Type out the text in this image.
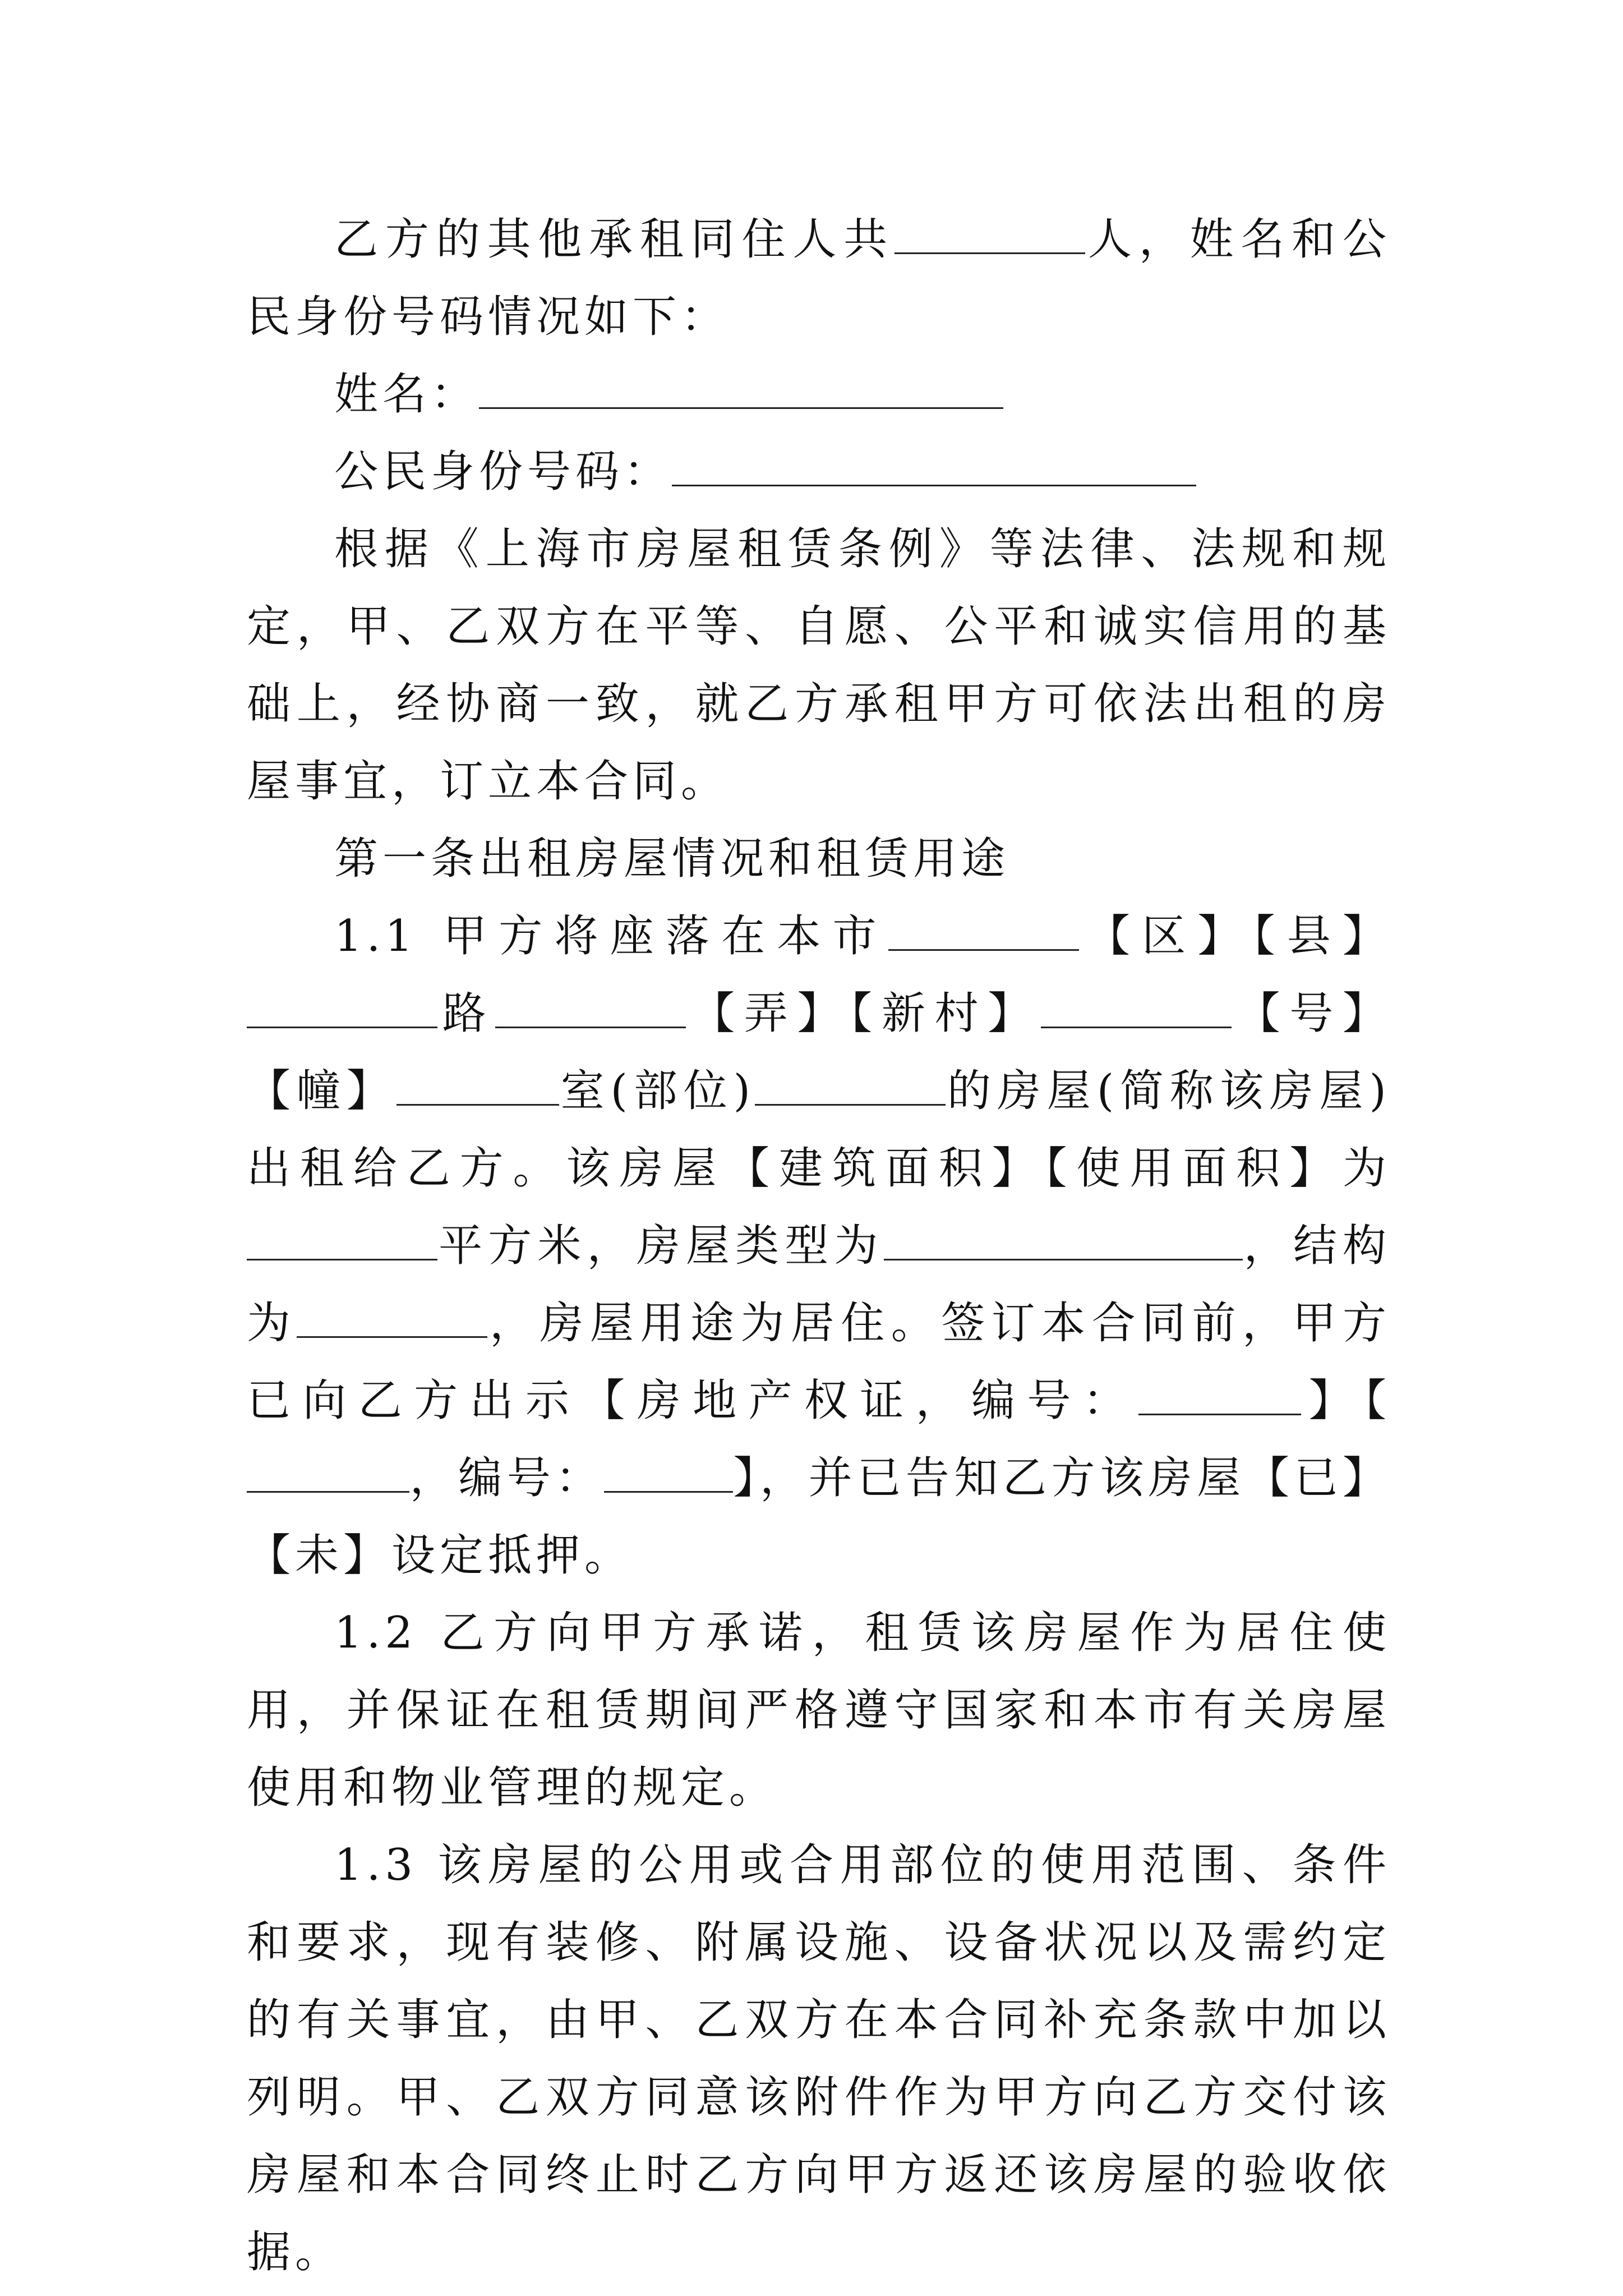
乙方的其他承租同住人共	人，姓名和公民身份号码情况如下：

姓名：

公民身份号码：

根据《上海市房屋租赁条例》等法律、法规和规定，甲、乙双方在平等、自愿、公平和诚实信用的基础上，经协商一致，就乙方承租甲方可依法出租的房屋事宜，订立本合同。

第一条出租房屋情况和租赁用途

1.1 甲方将座落在本市	【区】【县】路	【弄】【新村】	【号】【幢】	室(部位)	的房屋(简称该房屋)出租给乙方。该房屋【建筑面积】【使用面积】为平方米，房屋类型为	，结构为	，房屋用途为居住。签订本合同前，甲方已向乙方出示【房地产权证，编号：	】【，编号：	】，并已告知乙方该房屋【已】【未】设定抵押。

1.2 乙方向甲方承诺，租赁该房屋作为居住使用，并保证在租赁期间严格遵守国家和本市有关房屋使用和物业管理的规定。

1.3 该房屋的公用或合用部位的使用范围、条件和要求，现有装修、附属设施、设备状况以及需约定的有关事宜，由甲、乙双方在本合同补充条款中加以列明。甲、乙双方同意该附件作为甲方向乙方交付该房屋和本合同终止时乙方向甲方返还该房屋的验收依据。
